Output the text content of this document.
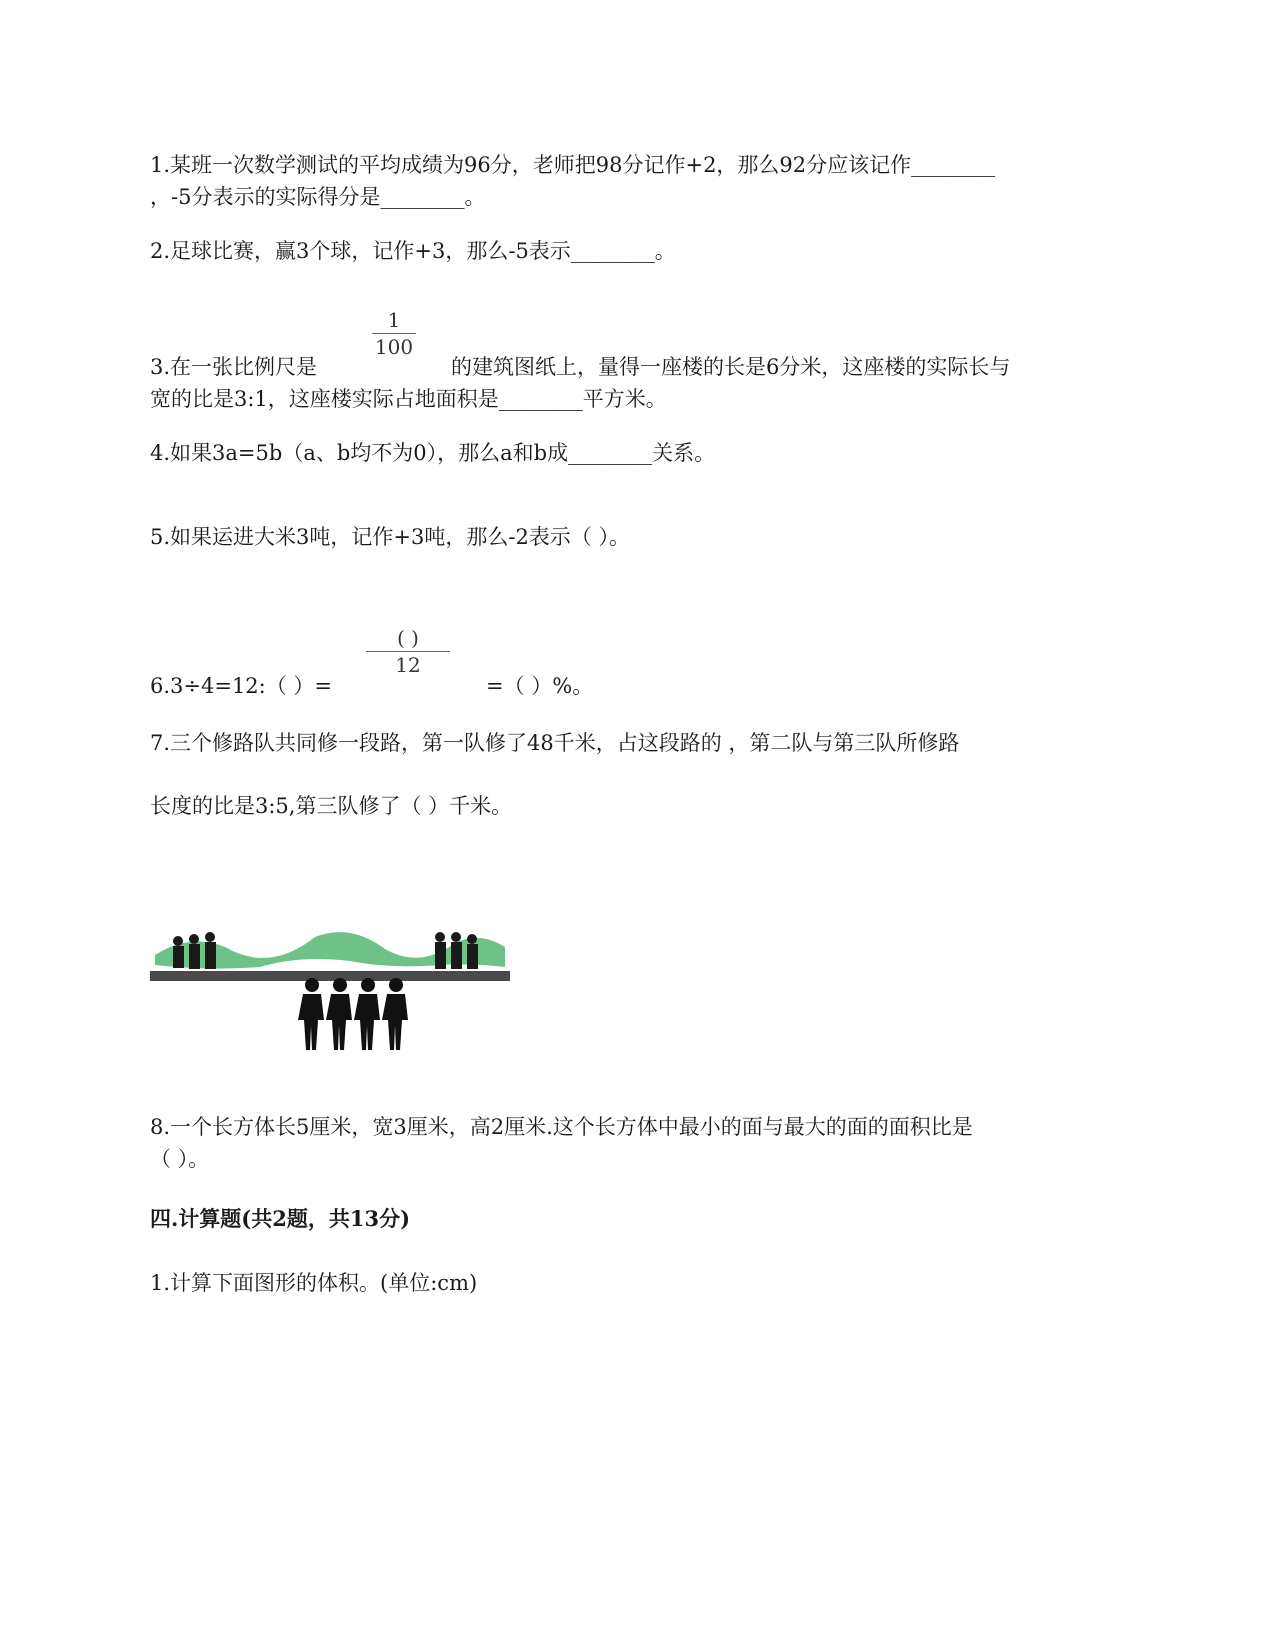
1.某班一次数学测试的平均成绩为96分，老师把98分记作+2，那么92分应该记作________
，-5分表示的实际得分是________。
2.足球比赛，赢3个球，记作+3，那么-5表示________。
1
100
3.在一张比例尺是	的建筑图纸上，量得一座楼的长是6分米，这座楼的实际长与
宽的比是3:1，这座楼实际占地面积是________平方米。
4.如果3a=5b（a、b均不为0），那么a和b成________关系。
5.如果运进大米3吨，记作+3吨，那么-2表示（ ）。
( )
12
6.3÷4=12:（ ）=	=（ ）%。
7.三个修路队共同修一段路，第一队修了48千米，占这段路的 ，第二队与第三队所修路
长度的比是3:5,第三队修了（ ）千米。
8.一个长方体长5厘米，宽3厘米，高2厘米.这个长方体中最小的面与最大的面的面积比是
（ ）。
四.计算题(共2题，共13分)
1.计算下面图形的体积。(单位:cm)
